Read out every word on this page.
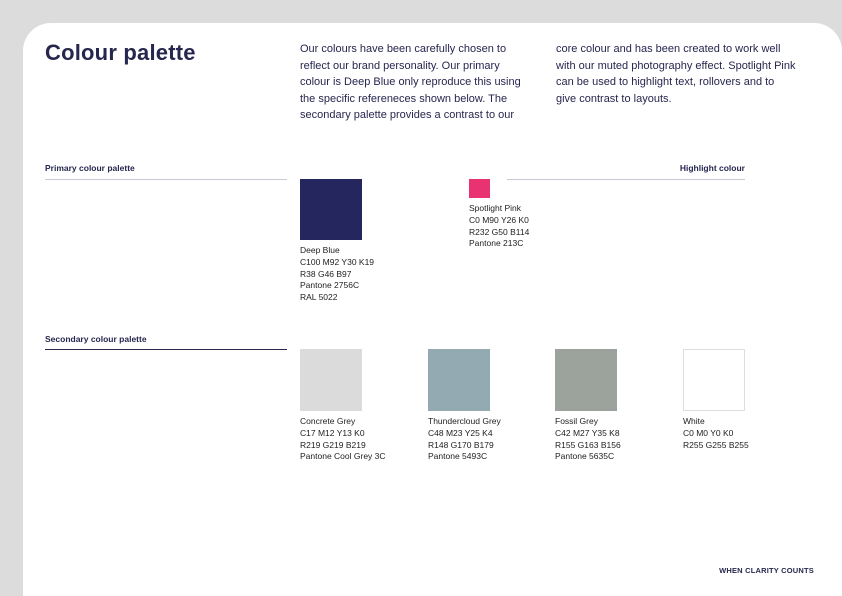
Colour palette	Our colours have been carefully chosen to reflect our brand personality. Our primary colour is Deep Blue only reproduce this using the specific refereneces shown below. The secondary palette provides a contrast to our

core colour and has been created to work well with our muted photography effect. Spotlight Pink can be used to highlight text, rollovers and to give contrast to layouts.

Primary colour palette	Highlight colour
Deep Blue
C100 M92 Y30 K19
R38 G46 B97
Pantone 2756C
RAL 5022
Spotlight Pink
C0 M90 Y26 K0
R232 G50 B114
Pantone 213C
Secondary colour palette
Concrete Grey
C17 M12 Y13 K0
R219 G219 B219
Pantone Cool Grey 3C
Thundercloud Grey
C48 M23 Y25 K4
R148 G170 B179
Pantone 5493C
Fossil Grey
C42 M27 Y35 K8
R155 G163 B156
Pantone 5635C
White
C0 M0 Y0 K0
R255 G255 B255
WHEN CLARITY COUNTS
